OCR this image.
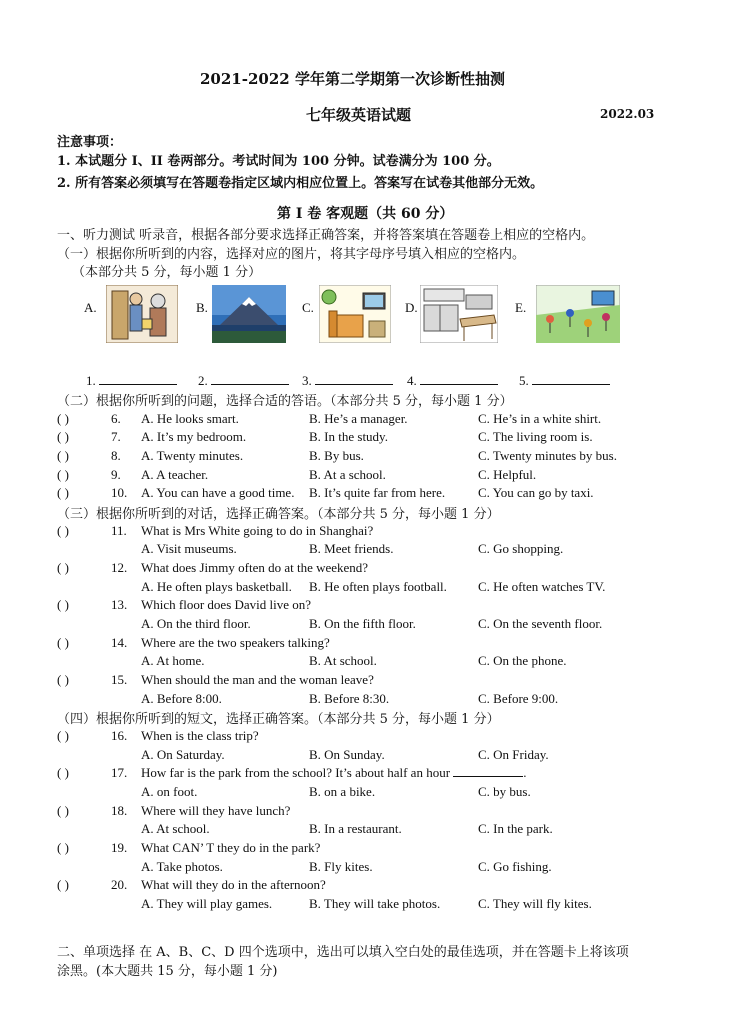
2021-2022 学年第二学期第一次诊断性抽测
七年级英语试题	2022.03
注意事项：
1. 本试题分 I、II 卷两部分。考试时间为 100 分钟。试卷满分为 100 分。
2. 所有答案必须填写在答题卷指定区域内相应位置上。答案写在试卷其他部分无效。
第 I 卷 客观题（共 60 分）
一、听力测试 听录音，根据各部分要求选择正确答案，并将答案填在答题卷上相应的空格内。
（一）根据你所听到的内容，选择对应的图片，将其字母序号填入相应的空格内。
（本部分共 5 分，每小题 1 分）
A.	B.	C.	D.	E.
1.	2.	3.	4.	5.
（二）根据你所听到的问题，选择合适的答语。（本部分共 5 分，每小题 1 分）
( )	6. A. He looks smart.	B. He’s a manager.	C. He’s in a white shirt.
( )	7. A. It’s my bedroom.	B. In the study.	C. The living room is.
( )	8. A. Twenty minutes.	B. By bus.	C. Twenty minutes by bus.
( )	9. A. A teacher.	B. At a school.	C. Helpful.
( )	10. A. You can have a good time. B. It’s quite far from here.	C. You can go by taxi.
（三）根据你所听到的对话，选择正确答案。（本部分共 5 分，每小题 1 分）
( )	11. What is Mrs White going to do in Shanghai?
A. Visit museums.	B. Meet friends.	C. Go shopping.
( )	12. What does Jimmy often do at the weekend?
A. He often plays basketball. B. He often plays football. C. He often watches TV.
( )	13. Which floor does David live on?
A. On the third floor.	B. On the fifth floor.	C. On the seventh floor.
( )	14. Where are the two speakers talking?
A. At home.	B. At school.	C. On the phone.
( )	15. When should the man and the woman leave?
A. Before 8:00.	B. Before 8:30.	C. Before 9:00.
（四）根据你所听到的短文，选择正确答案。（本部分共 5 分，每小题 1 分）
( )	16. When is the class trip?
A. On Saturday.	B. On Sunday.	C. On Friday.
( )	17. How far is the park from the school? It’s about half an hour	.
A. on foot.	B. on a bike.	C. by bus.
( )	18. Where will they have lunch?
A. At school.	B. In a restaurant.	C. In the park.
( )	19. What CAN’ T they do in the park?
A. Take photos.	B. Fly kites.	C. Go fishing.
( )	20. What will they do in the afternoon?
A. They will play games.	B. They will take photos.	C. They will fly kites.
二、单项选择 在 A、B、C、D 四个选项中，选出可以填入空白处的最佳选项，并在答题卡上将该项
涂黑。(本大题共 15 分，每小题 1 分)
